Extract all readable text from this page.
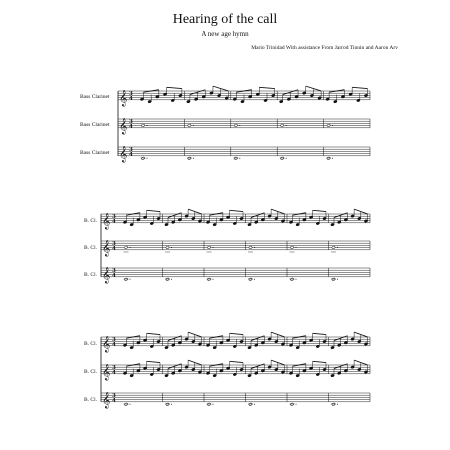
Hearing of the call
A new age hymn
Mario Trinidad With assistance From Jarrod Tinnin and Aaron Arv
Bass Clarinet
Bass Clarinet
Bass Clarinet
B. Cl.
B. Cl.
B. Cl.
B. Cl.
B. Cl.
B. Cl.
𝄞 3
4
𝄞 3
4
𝄞 3
4
𝄞 3
4
𝄞 3
4
𝄞 3
4
𝄞 3
4
𝄞 3
4
𝄞 3
4
